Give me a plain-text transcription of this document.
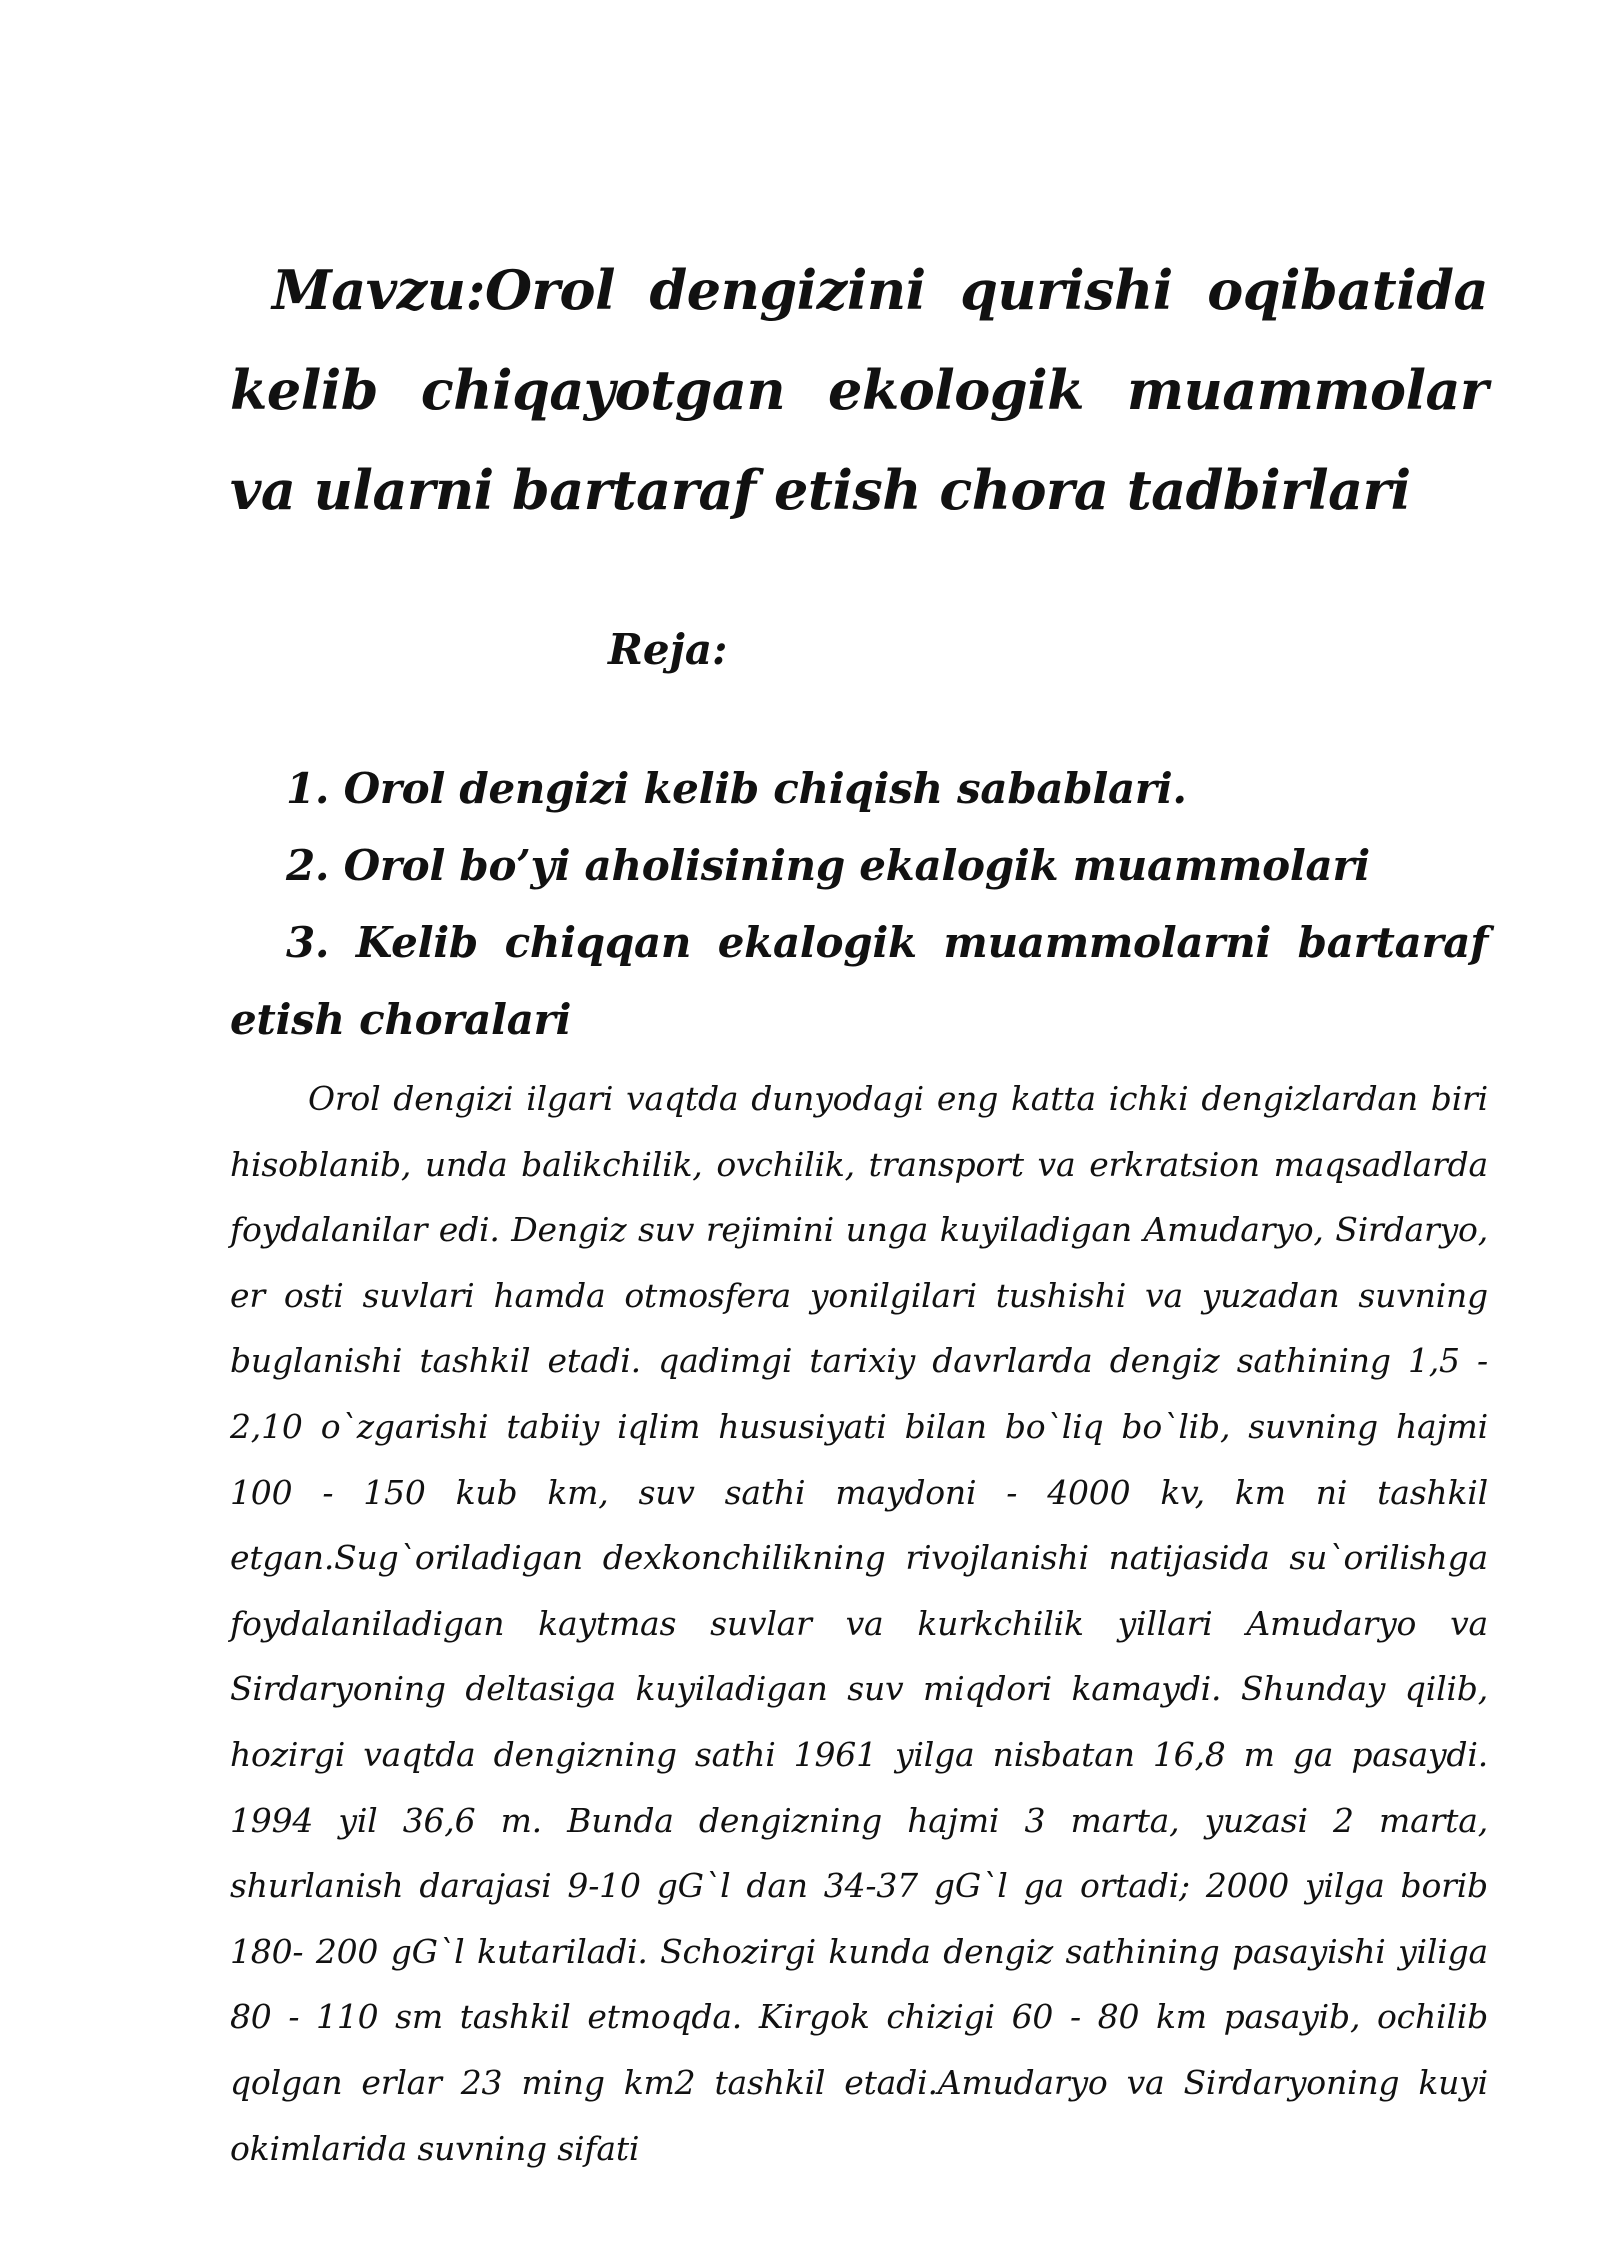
Mavzu:Orol dengizini qurishi oqibatida kelib chiqayotgan ekologik muammolar va ularni bartaraf etish chora tadbirlari

Reja:

1. Orol dengizi kelib chiqish sabablari.
2. Orol bo’yi aholisining ekalogik muammolari
3. Kelib chiqqan ekalogik muammolarni bartaraf etish choralari

Orol dengizi ilgari vaqtda dunyodagi eng katta ichki dengizlardan biri hisoblanib, unda balikchilik, ovchilik, transport va erkratsion maqsadlarda foydalanilar edi. Dengiz suv rejimini unga kuyiladigan Amudaryo, Sirdaryo, er osti suvlari hamda otmosfera yonilgilari tushishi va yuzadan suvning buglanishi tashkil etadi. qadimgi tarixiy davrlarda dengiz sathining 1,5 - 2,10 o`zgarishi tabiiy iqlim hususiyati bilan bo`liq bo`lib, suvning hajmi 100 - 150 kub km, suv sathi maydoni - 4000 kv, km ni tashkil etgan.Sug`oriladigan dexkonchilikning rivojlanishi natijasida su`orilishga foydalaniladigan kaytmas suvlar va kurkchilik yillari Amudaryo va Sirdaryoning deltasiga kuyiladigan suv miqdori kamaydi. Shunday qilib, hozirgi vaqtda dengizning sathi 1961 yilga nisbatan 16,8 m ga pasaydi. 1994 yil 36,6 m. Bunda dengizning hajmi 3 marta, yuzasi 2 marta, shurlanish darajasi 9-10 gG`l dan 34-37 gG`l ga ortadi; 2000 yilga borib 180- 200 gG`l kutariladi. Schozirgi kunda dengiz sathining pasayishi yiliga 80 - 110 sm tashkil etmoqda. Kirgok chizigi 60 - 80 km pasayib, ochilib qolgan erlar 23 ming km2 tashkil etadi.Amudaryo va Sirdaryoning kuyi okimlarida suvning sifati
